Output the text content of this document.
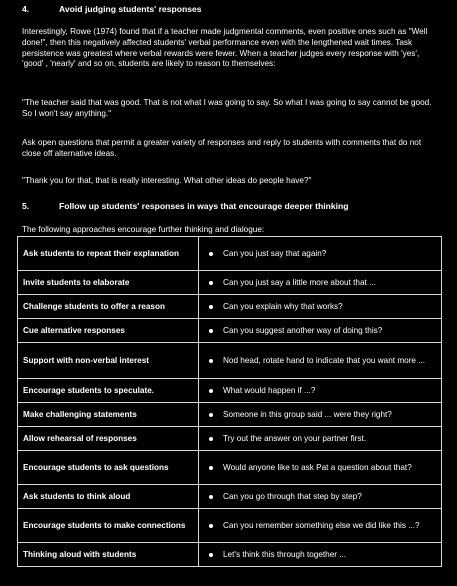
4.	Avoid judging students' responses
Interestingly, Rowe (1974) found that if a teacher made judgmental comments, even positive ones such as "Well done!", then this negatively affected students' verbal performance even with the lengthened wait times. Task persistence was greatest where verbal rewards were fewer. When a teacher judges every response with 'yes', 'good' , 'nearly' and so on, students are likely to reason to themselves:
"The teacher said that was good. That is not what I was going to say. So what I was going to say cannot be good. So I won't say anything."
Ask open questions that permit a greater variety of responses and reply to students with comments that do not close off alternative ideas.
"Thank you for that, that is really interesting. What other ideas do people have?"
5.	Follow up students' responses in ways that encourage deeper thinking
The following approaches encourage further thinking and dialogue:
Ask students to repeat their explanation	Can you just say that again?

Invite students to elaborate	Can you just say a little more about that ...

Challenge students to offer a reason	Can you explain why that works?

Cue alternative responses	Can you suggest another way of doing this?

Support with non-verbal interest	Nod head, rotate hand to indicate that you want more ...

Encourage students to speculate.	What would happen if ...?

Make challenging statements	Someone in this group said ... were they right?

Allow rehearsal of responses	Try out the answer on your partner first.

Encourage students to ask questions	Would anyone like to ask Pat a question about that?

Ask students to think aloud	Can you go through that step by step?

Encourage students to make connections	Can you remember something else we did like this ...?

Thinking aloud with students	Let's think this through together ...
